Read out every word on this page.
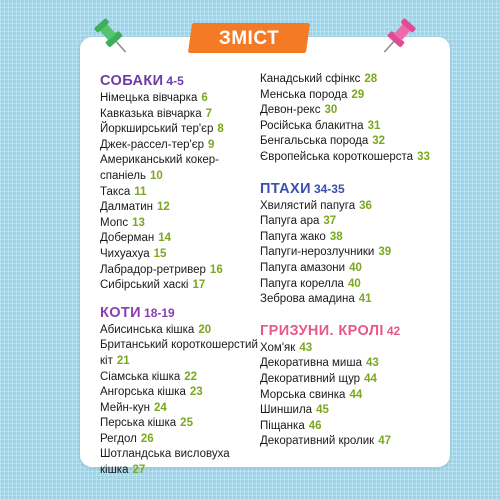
ЗМІСТ
СОБАКИ 4-5
Німецька вівчарка 6
Кавказька вівчарка 7
Йоркширський тер'єр 8
Джек-рассел-тер'єр 9
Американський кокер-спаніель 10
Такса 11
Далматин 12
Мопс 13
Доберман 14
Чихуахуа 15
Лабрадор-ретривер 16
Сибірський хаскі 17
КОТИ 18-19
Абисинська кішка 20
Британський короткошерстий кіт 21
Сіамська кішка 22
Ангорська кішка 23
Мейн-кун 24
Перська кішка 25
Регдол 26
Шотландська висловуха кішка 27
Канадський сфінкс 28
Менська порода 29
Девон-рекс 30
Російська блакитна 31
Бенгальська порода 32
Європейська короткошерста 33
ПТАХИ 34-35
Хвилястий папуга 36
Папуга ара 37
Папуга жако 38
Папуги-нерозлучники 39
Папуга амазони 40
Папуга корелла 40
Зеброва амадина 41
ГРИЗУНИ. КРОЛІ 42
Хом'як 43
Декоративна миша 43
Декоративний щур 44
Морська свинка 44
Шиншила 45
Піщанка 46
Декоративний кролик 47
